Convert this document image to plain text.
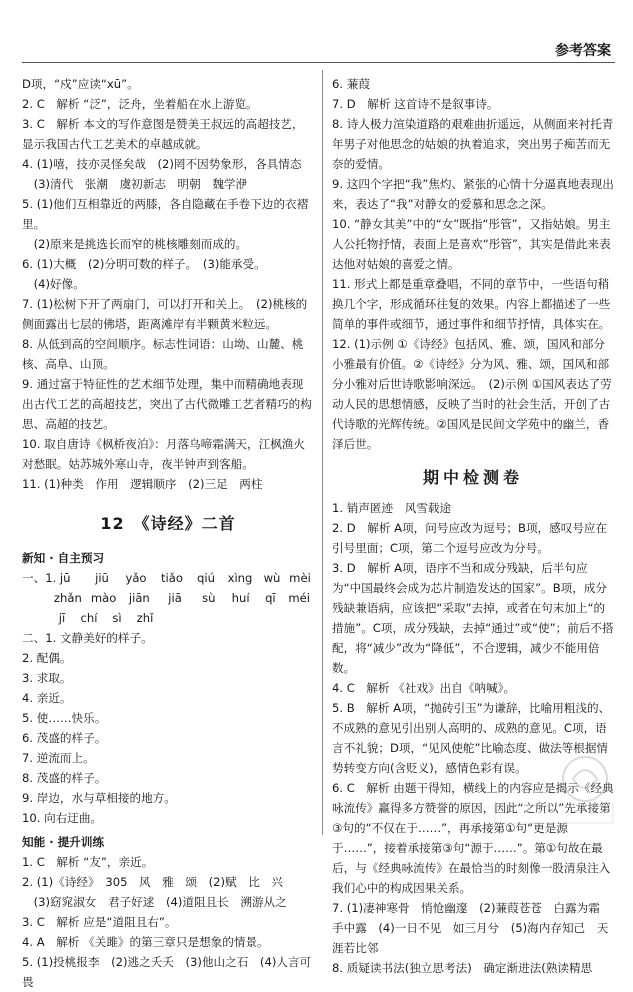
参考答案
D项，“戍”应读“xū”。
2. C　解析 “泛”，泛舟，坐着船在水上游览。
3. C　解析 本文的写作意图是赞美王叔远的高超技艺，显示我国古代工艺美术的卓越成就。
4. (1)嘻，技亦灵怪矣哉　(2)罔不因势象形，各具情态
　(3)清代　张潮　虞初新志　明朝　魏学洢
5. (1)他们互相靠近的两膝，各自隐藏在手卷下边的衣褶里。
　(2)原来是挑选长而窄的桃核雕刻而成的。
6. (1)大概　(2)分明可数的样子。　(3)能承受。
　(4)好像。
7. (1)松树下开了两扇门，可以打开和关上。　(2)桃核的侧面露出七层的佛塔，距离滩岸有半颗黄米粒远。
8. 从低到高的空间顺序。标志性词语：山坳、山麓、桃核、高阜、山顶。
9. 通过富于特征性的艺术细节处理，集中而精确地表现出古代工艺的高超技艺，突出了古代微雕工艺者精巧的构思、高超的技艺。
10. 取自唐诗《枫桥夜泊》：月落乌啼霜满天，江枫渔火对愁眠。姑苏城外寒山寺，夜半钟声到客船。
11. (1)种类　作用　逻辑顺序　(2)三足　两柱
12　《诗经》二首
新知 · 自主预习
一、1. jū	jiū	yǎo	tiǎo	qiú	xìng wù mèi
zhǎn mào	jiān	jiā	sù	huí	qī	méi
jī	chí	sì	zhǐ
二、1. 文静美好的样子。
2. 配偶。
3. 求取。
4. 亲近。
5. 使……快乐。
6. 茂盛的样子。
7. 逆流而上。
8. 茂盛的样子。
9. 岸边，水与草相接的地方。
10. 向右迂曲。
知能 · 提升训练
1. C　解析 “友”，亲近。
2. (1)《诗经》　305　风　雅　颂　(2)赋　比　兴
　(3)窈窕淑女　君子好逑　(4)道阻且长　溯游从之
3. C　解析 应是“道阻且右”。
4. A　解析 《关雎》的第三章只是想象的情景。
5. (1)投桃报李　(2)逃之夭夭　(3)他山之石　(4)人言可畏
6. 蒹葭
7. D　解析 这首诗不是叙事诗。
8. 诗人极力渲染道路的艰难曲折遥远，从侧面来衬托青年男子对他思念的姑娘的执着追求，突出男子痴苦而无奈的爱情。
9. 这四个字把“我”焦灼、紧张的心情十分逼真地表现出来，表达了“我”对静女的爱慕和思念之深。
10. “静女其美”中的“女”既指“彤管”，又指姑娘。男主人公托物抒情，表面上是喜欢“彤管”，其实是借此来表达他对姑娘的喜爱之情。
11. 形式上都是重章叠唱，不同的章节中，一些语句稍换几个字，形成循环往复的效果。内容上都描述了一些简单的事件或细节，通过事件和细节抒情，具体实在。
12. (1)示例 ①《诗经》包括风、雅、颂，国风和部分小雅最有价值。②《诗经》分为风、雅、颂，国风和部分小雅对后世诗歌影响深远。　(2)示例 ①国风表达了劳动人民的思想情感，反映了当时的社会生活，开创了古代诗歌的光辉传统。②国风是民间文学苑中的幽兰，香泽后世。
期中检测卷
1. 销声匿迹　风雪载途
2. D　解析 A项，问号应改为逗号；B项，感叹号应在引号里面；C项，第二个逗号应改为分号。
3. D　解析 A项，语序不当和成分残缺，后半句应为“中国最终会成为芯片制造发达的国家”。B项，成分残缺兼语病，应该把“采取”去掉，或者在句末加上“的措施”。C项，成分残缺，去掉“通过”或“使”；前后不搭配，将“减少”改为“降低”，不合逻辑，减少不能用倍数。
4. C　解析 《社戏》出自《呐喊》。
5. B　解析 A项，“抛砖引玉”为谦辞，比喻用粗浅的、不成熟的意见引出别人高明的、成熟的意见。C项，语言不礼貌；D项，“见风使舵”比喻态度、做法等根据情势转变方向(含贬义)，感情色彩有误。
6. C　解析 由题干得知，横线上的内容应是揭示《经典咏流传》赢得多方赞誉的原因，因此“之所以”先承接第③句的“不仅在于……”，再承接第①句“更是源于……”，接着承接第③句“源于……”。第①句故在最后，与《经典咏流传》在最恰当的时刻像一股清泉注入我们心中的构成因果关系。
7. (1)凄神寒骨　悄怆幽邃　(2)蒹葭苍苍　白露为霜　手中露　(4)一日不见　如三月兮　(5)海内存知己　天涯若比邻
8. 质疑读书法(独立思考法)　确定渐进法(熟读精思
